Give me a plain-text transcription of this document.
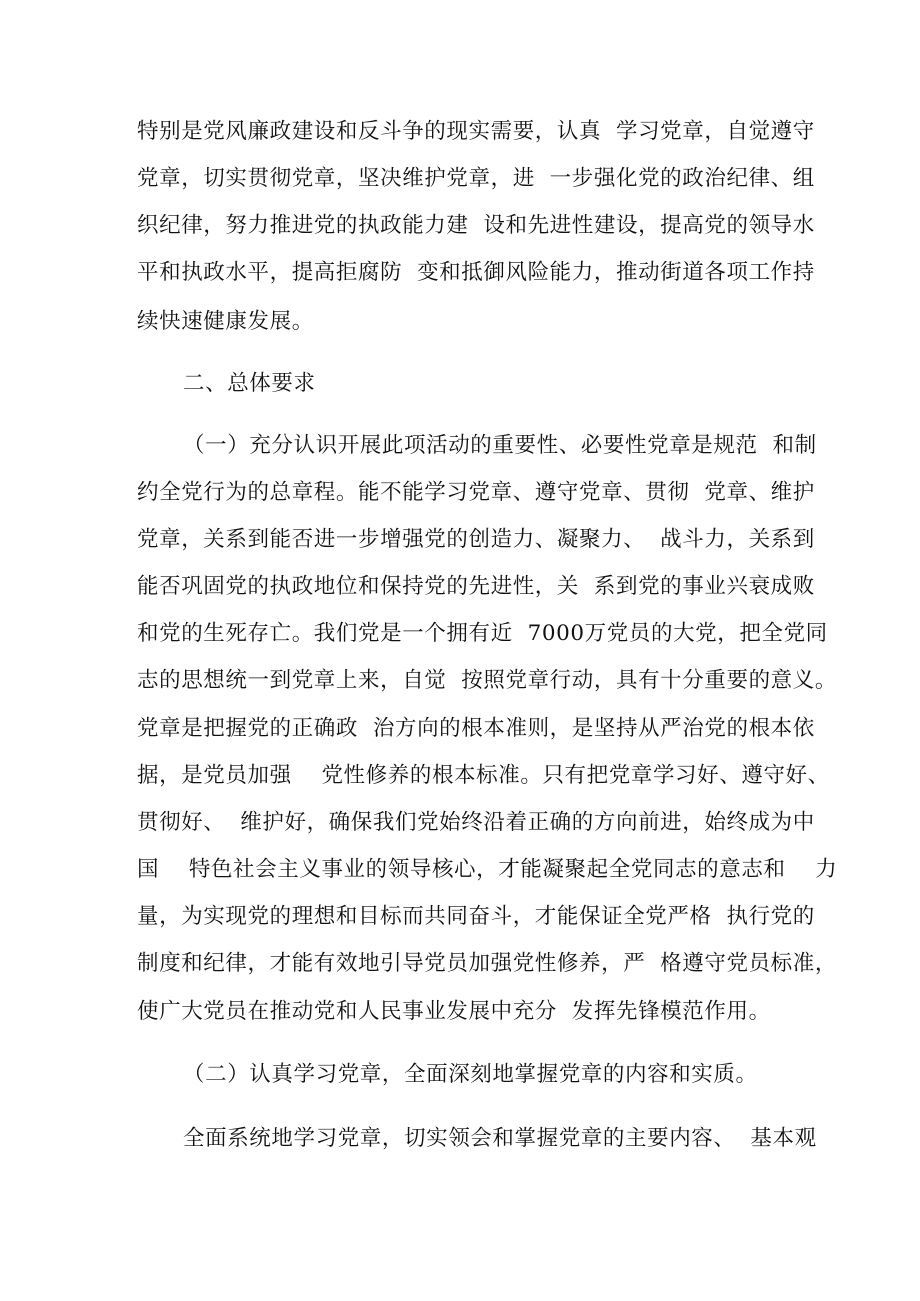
特别是党风廉政建设和反斗争的现实需要，认真  学习党章，自觉遵守
党章，切实贯彻党章，坚决维护党章，进  一步强化党的政治纪律、组
织纪律，努力推进党的执政能力建  设和先进性建设，提高党的领导水
平和执政水平，提高拒腐防  变和抵御风险能力，推动街道各项工作持
续快速健康发展。
二、总体要求
（一）充分认识开展此项活动的重要性、必要性党章是规范  和制
约全党行为的总章程。能不能学习党章、遵守党章、贯彻  党章、维护
党章，关系到能否进一步增强党的创造力、凝聚力、  战斗力，关系到
能否巩固党的执政地位和保持党的先进性，关  系到党的事业兴衰成败
和党的生死存亡。我们党是一个拥有近  7000万党员的大党，把全党同
志的思想统一到党章上来，自觉  按照党章行动，具有十分重要的意义。
党章是把握党的正确政  治方向的根本准则，是坚持从严治党的根本依
据，是党员加强    党性修养的根本标准。只有把党章学习好、遵守好、
贯彻好、  维护好，确保我们党始终沿着正确的方向前进，始终成为中
国    特色社会主义事业的领导核心，才能凝聚起全党同志的意志和    力
量，为实现党的理想和目标而共同奋斗，才能保证全党严格  执行党的
制度和纪律，才能有效地引导党员加强党性修养，严  格遵守党员标准，
使广大党员在推动党和人民事业发展中充分  发挥先锋模范作用。
（二）认真学习党章，全面深刻地掌握党章的内容和实质。
全面系统地学习党章，切实领会和掌握党章的主要内容、  基本观
